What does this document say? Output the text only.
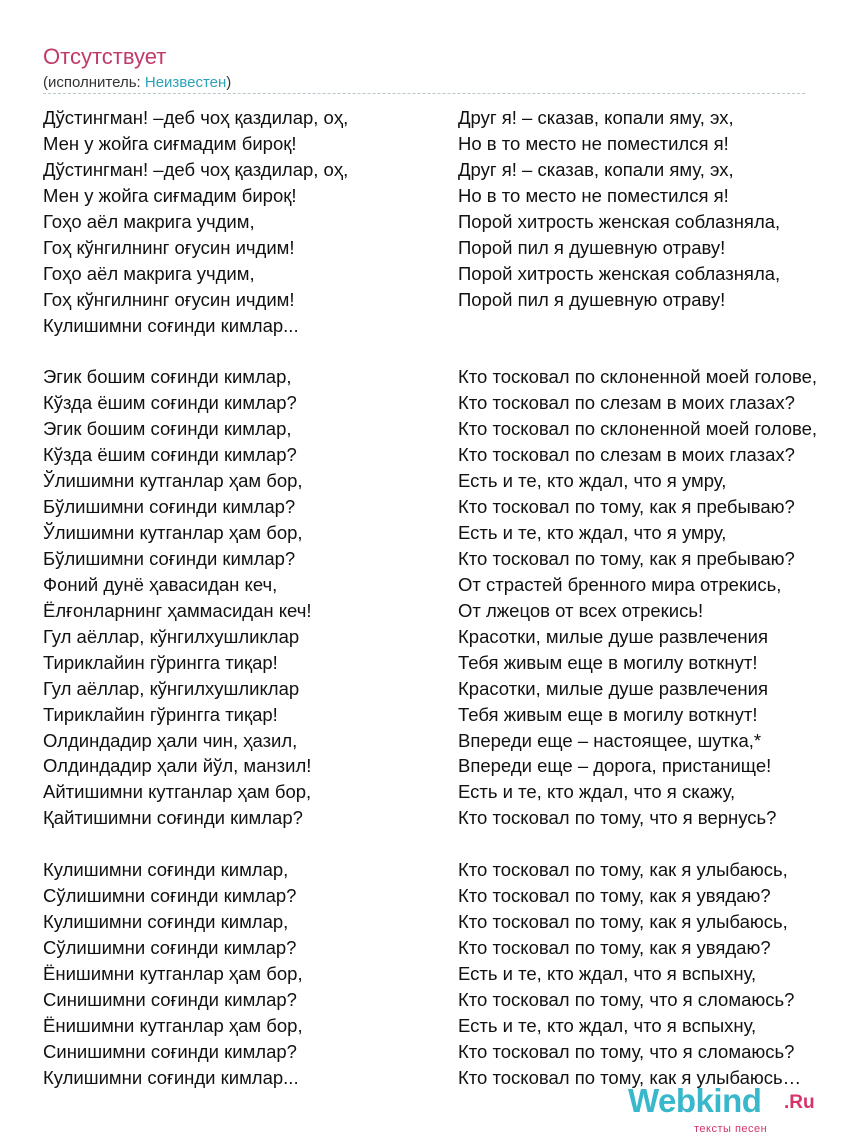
Отсутствует
(исполнитель: Неизвестен)
Дўстингман! –деб чоҳ қаздилар, оҳ,	Друг я! – сказав, копали яму, эх,
Мен у жойга сиғмадим бироқ!	Но в то место не поместился я!
Дўстингман! –деб чоҳ қаздилар, оҳ,	Друг я! – сказав, копали яму, эх,
Мен у жойга сиғмадим бироқ!	Но в то место не поместился я!
Гоҳо аёл макрига учдим,	Порой хитрость женская соблазняла,
Гоҳ кўнгилнинг оғусин ичдим!	Порой пил я душевную отраву!
Гоҳо аёл макрига учдим,	Порой хитрость женская соблазняла,
Гоҳ кўнгилнинг оғусин ичдим!	Порой пил я душевную отраву!
Кулишимни соғинди кимлар...
Эгик бошим соғинди кимлар,	Кто тосковал по склоненной моей голове,
Кўзда ёшим соғинди кимлар?	Кто тосковал по слезам в моих глазах?
Эгик бошим соғинди кимлар,	Кто тосковал по склоненной моей голове,
Кўзда ёшим соғинди кимлар?	Кто тосковал по слезам в моих глазах?
Ўлишимни кутганлар ҳам бор,	Есть и те, кто ждал, что я умру,
Бўлишимни соғинди кимлар?	Кто тосковал по тому, как я пребываю?
Ўлишимни кутганлар ҳам бор,	Есть и те, кто ждал, что я умру,
Бўлишимни соғинди кимлар?	Кто тосковал по тому, как я пребываю?
Фоний дунё ҳавасидан кеч,	От страстей бренного мира отрекись,
Ёлғонларнинг ҳаммасидан кеч!	От лжецов от всех отрекись!
Гул аёллар, кўнгилхушликлар	Красотки, милые душе развлечения
Тириклайин гўрингга тиқар!	Тебя живым еще в могилу воткнут!
Гул аёллар, кўнгилхушликлар	Красотки, милые душе развлечения
Тириклайин гўрингга тиқар!	Тебя живым еще в могилу воткнут!
Олдиндадир ҳали чин, ҳазил,	Впереди еще – настоящее, шутка,*
Олдиндадир ҳали йўл, манзил!	Впереди еще – дорога, пристанище!
Айтишимни кутганлар ҳам бор,	Есть и те, кто ждал, что я скажу,
Қайтишимни соғинди кимлар?	Кто тосковал по тому, что я вернусь?
Кулишимни соғинди кимлар,	Кто тосковал по тому, как я улыбаюсь,
Сўлишимни соғинди кимлар?	Кто тосковал по тому, как я увядаю?
Кулишимни соғинди кимлар,	Кто тосковал по тому, как я улыбаюсь,
Сўлишимни соғинди кимлар?	Кто тосковал по тому, как я увядаю?
Ёнишимни кутганлар ҳам бор,	Есть и те, кто ждал, что я вспыхну,
Синишимни соғинди кимлар?	Кто тосковал по тому, что я сломаюсь?
Ёнишимни кутганлар ҳам бор,	Есть и те, кто ждал, что я вспыхну,
Синишимни соғинди кимлар?	Кто тосковал по тому, что я сломаюсь?
Кулишимни соғинди кимлар...	Кто тосковал по тому, как я улыбаюсь…
Webkind .Ru
тексты песен
